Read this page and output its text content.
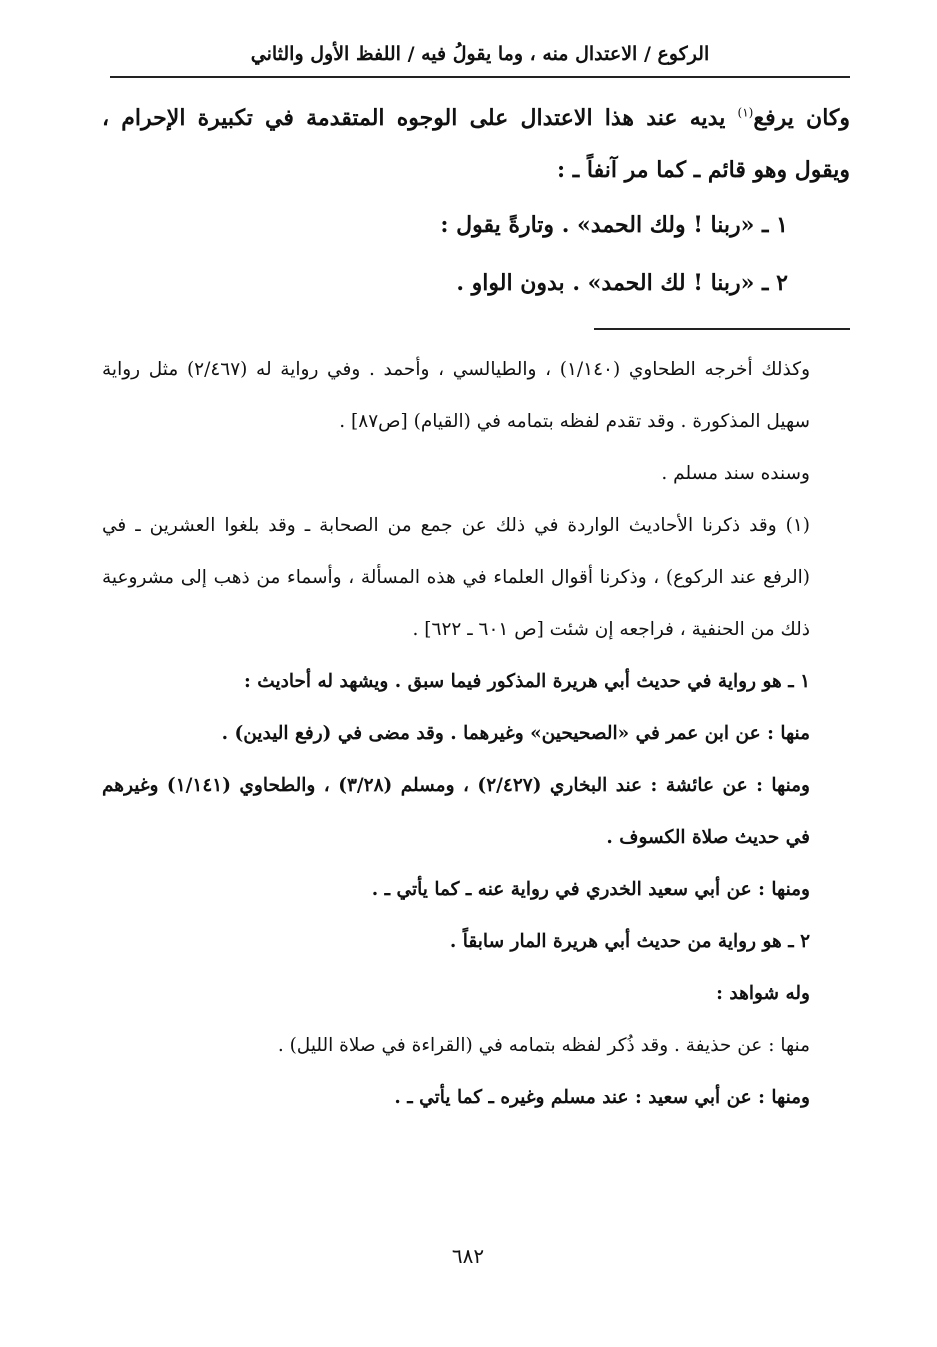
الركوع / الاعتدال منه ، وما يقولُ فيه / اللفظ الأول والثاني
وكان يرفع$^{(١)}$ يديه عند هذا الاعتدال على الوجوه المتقدمة في تكبيرة الإحرام ، ويقول وهو قائم ـ كما مر آنفاً ـ :
١ ـ «ربنا ! ولك الحمد» . وتارةً يقول :
٢ ـ «ربنا ! لك الحمد» . بدون الواو .
وكذلك أخرجه الطحاوي (١/١٤٠) ، والطيالسي ، وأحمد . وفي رواية له (٢/٤٦٧) مثل رواية سهيل المذكورة . وقد تقدم لفظه بتمامه في (القيام) [ص٨٧] .
وسنده سند مسلم .
(١) وقد ذكرنا الأحاديث الواردة في ذلك عن جمع من الصحابة ـ وقد بلغوا العشرين ـ في (الرفع عند الركوع) ، وذكرنا أقوال العلماء في هذه المسألة ، وأسماء من ذهب إلى مشروعية ذلك من الحنفية ، فراجعه إن شئت [ص ٦٠١ ـ ٦٢٢] .
١ ـ هو رواية في حديث أبي هريرة المذكور فيما سبق . ويشهد له أحاديث :
منها : عن ابن عمر في «الصحيحين» وغيرهما . وقد مضى في (رفع اليدين) .
ومنها : عن عائشة : عند البخاري (٢/٤٢٧) ، ومسلم (٣/٢٨) ، والطحاوي (١/١٤١) وغيرهم في حديث صلاة الكسوف .
ومنها : عن أبي سعيد الخدري في رواية عنه ـ كما يأتي ـ .
٢ ـ هو رواية من حديث أبي هريرة المار سابقاً .
وله شواهد :
منها : عن حذيفة . وقد ذُكر لفظه بتمامه في (القراءة في صلاة الليل) .
ومنها : عن أبي سعيد : عند مسلم وغيره ـ كما يأتي ـ .
٦٨٢
